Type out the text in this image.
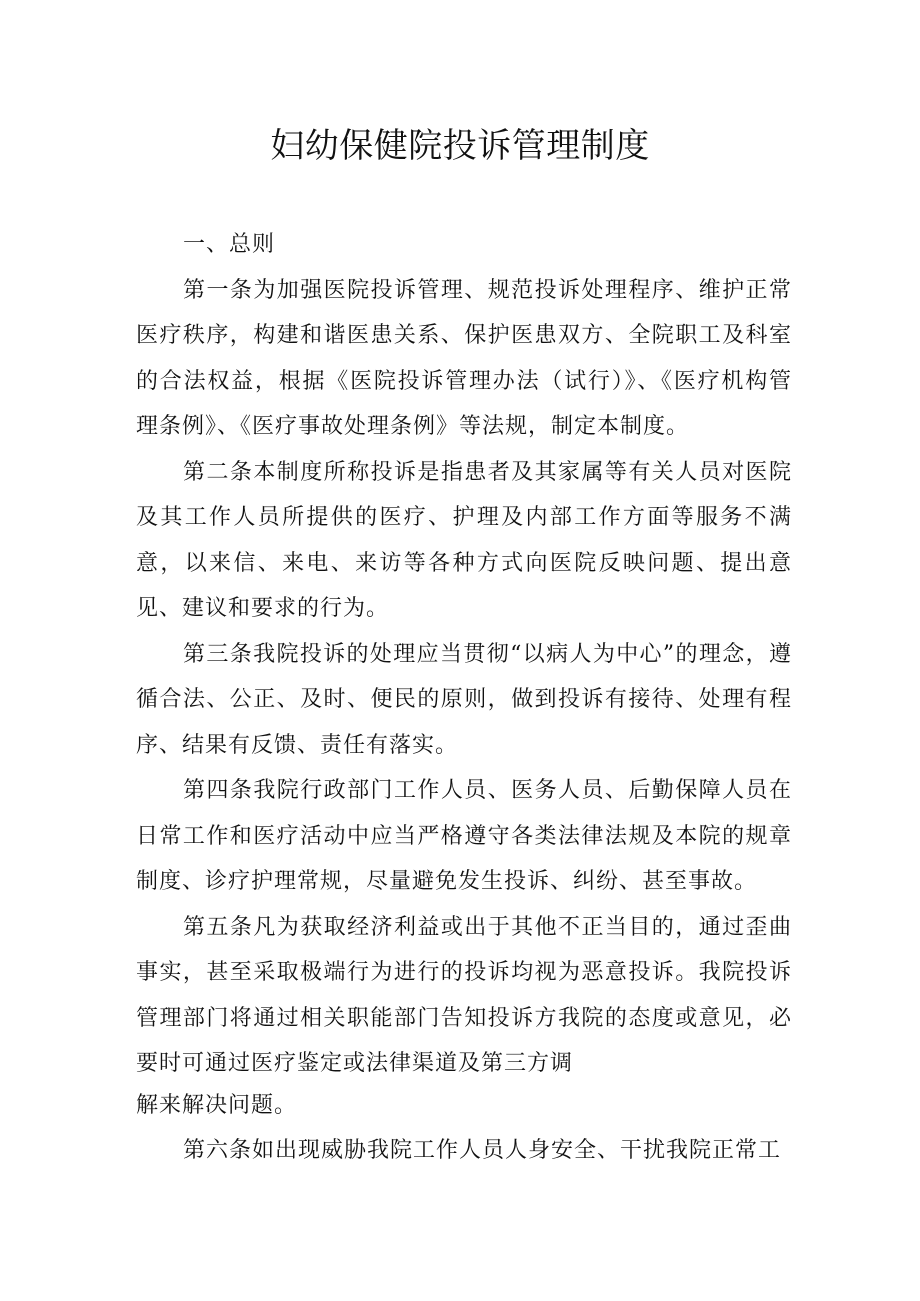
妇幼保健院投诉管理制度

一、总则

第一条为加强医院投诉管理、规范投诉处理程序、维护正常医疗秩序，构建和谐医患关系、保护医患双方、全院职工及科室的合法权益，根据《医院投诉管理办法（试行）》、《医疗机构管理条例》、《医疗事故处理条例》等法规，制定本制度。

第二条本制度所称投诉是指患者及其家属等有关人员对医院及其工作人员所提供的医疗、护理及内部工作方面等服务不满意，以来信、来电、来访等各种方式向医院反映问题、提出意见、建议和要求的行为。

第三条我院投诉的处理应当贯彻“以病人为中心”的理念，遵循合法、公正、及时、便民的原则，做到投诉有接待、处理有程序、结果有反馈、责任有落实。

第四条我院行政部门工作人员、医务人员、后勤保障人员在日常工作和医疗活动中应当严格遵守各类法律法规及本院的规章制度、诊疗护理常规，尽量避免发生投诉、纠纷、甚至事故。

第五条凡为获取经济利益或出于其他不正当目的，通过歪曲事实，甚至采取极端行为进行的投诉均视为恶意投诉。我院投诉管理部门将通过相关职能部门告知投诉方我院的态度或意见，必要时可通过医疗鉴定或法律渠道及第三方调
解来解决问题。

第六条如出现威胁我院工作人员人身安全、干扰我院正常工
